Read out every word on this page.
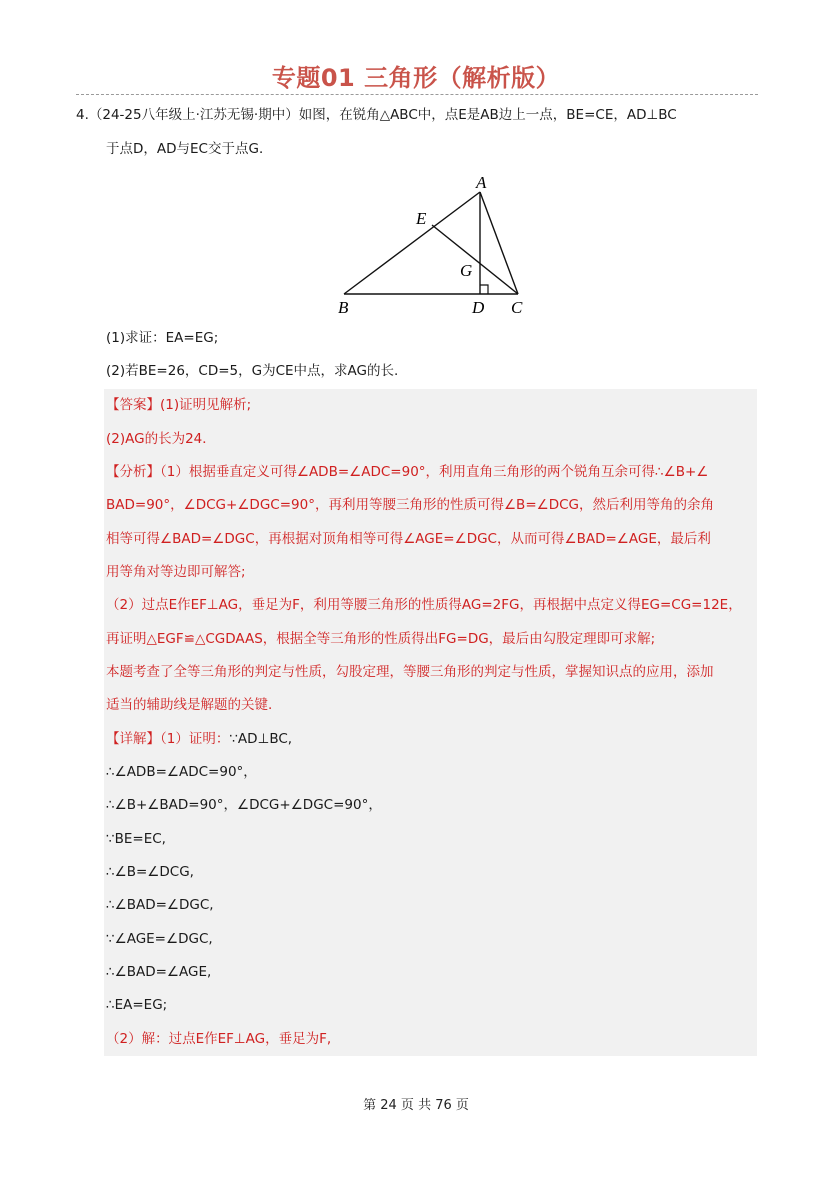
专题01 三角形（解析版）
4.（24-25八年级上·江苏无锡·期中）如图，在锐角△ABC中，点E是AB边上一点，BE=CE，AD⊥BC
于点D，AD与EC交于点G．
A
E
G
B	D C
(1)求证：EA=EG;
(2)若BE=26，CD=5，G为CE中点，求AG的长.
【答案】(1)证明见解析;
(2)AG的长为24．
【分析】（1）根据垂直定义可得∠ADB=∠ADC=90°，利用直角三角形的两个锐角互余可得∴∠B+∠
BAD=90°，∠DCG+∠DGC=90°，再利用等腰三角形的性质可得∠B=∠DCG，然后利用等角的余角
相等可得∠BAD=∠DGC，再根据对顶角相等可得∠AGE=∠DGC，从而可得∠BAD=∠AGE，最后利
用等角对等边即可解答;
（2）过点E作EF⊥AG，垂足为F，利用等腰三角形的性质得AG=2FG，再根据中点定义得EG=CG=12E，
再证明△EGF≌△CGDAAS，根据全等三角形的性质得出FG=DG，最后由勾股定理即可求解;
本题考查了全等三角形的判定与性质，勾股定理，等腰三角形的判定与性质，掌握知识点的应用，添加
适当的辅助线是解题的关键.
【详解】（1）证明：∵AD⊥BC,
∴∠ADB=∠ADC=90°，
∴∠B+∠BAD=90°，∠DCG+∠DGC=90°，
∵BE=EC,
∴∠B=∠DCG,
∴∠BAD=∠DGC,
∵∠AGE=∠DGC,
∴∠BAD=∠AGE,
∴EA=EG;
（2）解：过点E作EF⊥AG，垂足为F,
第 24 页 共 76 页
